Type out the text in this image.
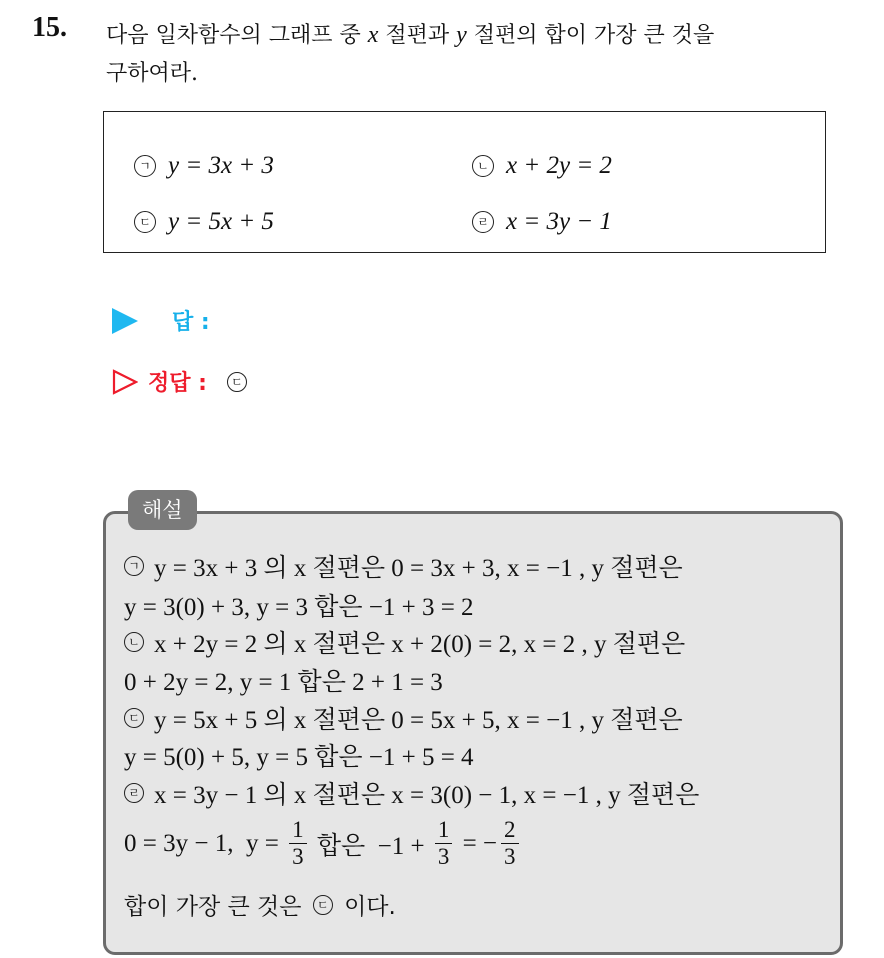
15. 다음 일차함수의 그래프 중 x 절편과 y 절편의 합이 가장 큰 것을
구하여라.
ㄱ y = 3x + 3	ㄴ x + 2y = 2
ㄷ y = 5x + 5	ㄹ x = 3y − 1
답 :
정답 :	ㄷ
해설
ㄱ y = 3x + 3 의 x 절편은 0 = 3x + 3, x = −1 , y 절편은
y = 3(0) + 3, y = 3 합은 −1 + 3 = 2
ㄴ x + 2y = 2 의 x 절편은 x + 2(0) = 2, x = 2 , y 절편은
0 + 2y = 2, y = 1 합은 2 + 1 = 3
ㄷ y = 5x + 5 의 x 절편은 0 = 5x + 5, x = −1 , y 절편은
y = 5(0) + 5, y = 5 합은 −1 + 5 = 4
ㄹ x = 3y − 1 의 x 절편은 x = 3(0) − 1, x = −1 , y 절편은
0 = 3y − 1,  $y = \frac{1}{3}$ 합은  $-1 + \frac{1}{3}$ = − $\frac{2}{3}$
합이 가장 큰 것은 ㄷ 이다.
